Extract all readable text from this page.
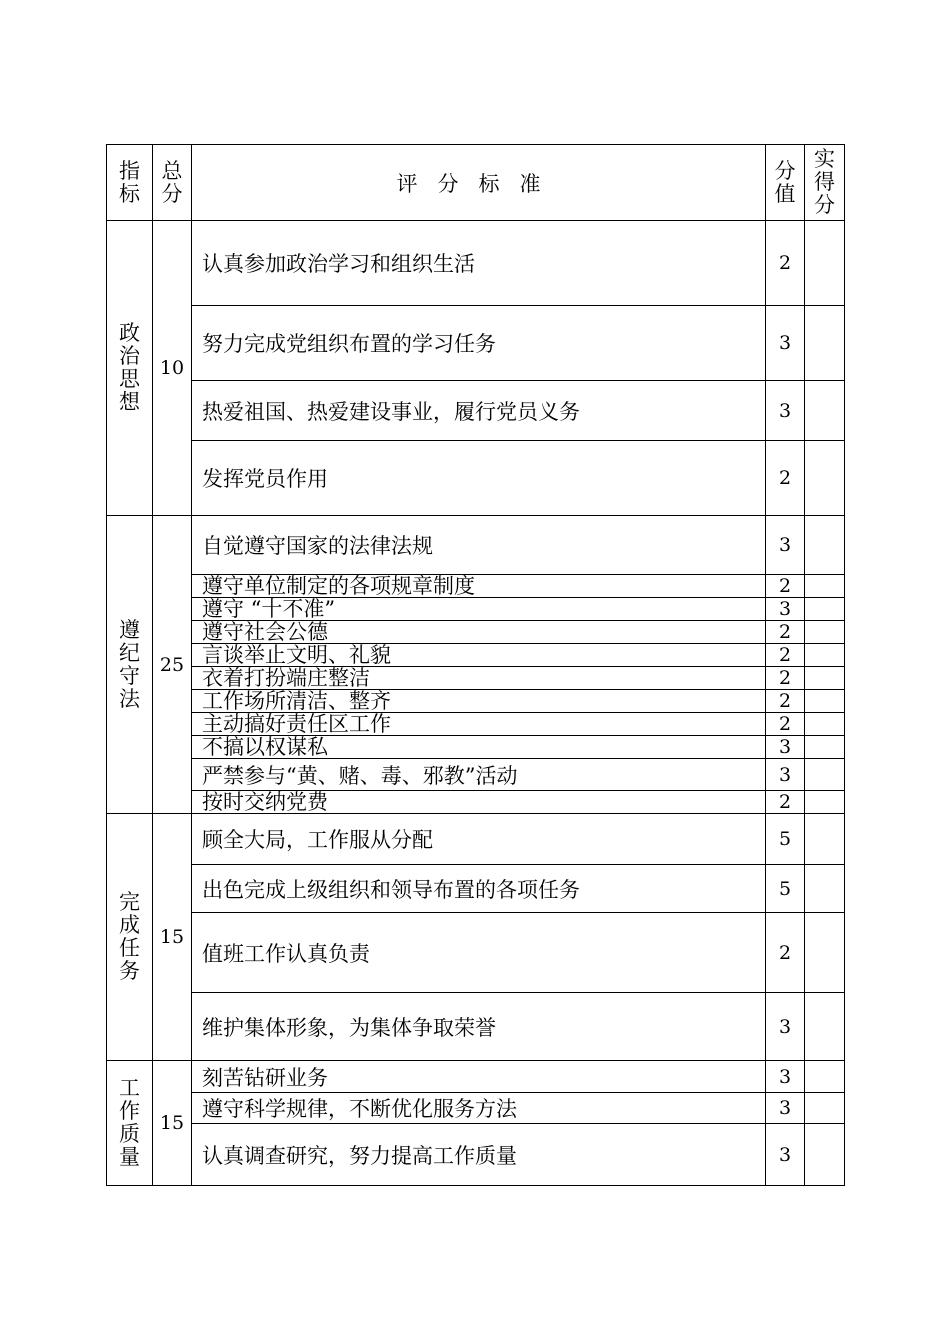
指标	总分	评分标准	分值	实得分
政治思想	10	认真参加政治学习和组织生活	2	
		努力完成党组织布置的学习任务	3	
		热爱祖国、热爱建设事业，履行党员义务	3	
		发挥党员作用	2	
遵纪守法	25	自觉遵守国家的法律法规	3	
		遵守单位制定的各项规章制度	2	
		遵守 “十不准”	3	
		遵守社会公德	2	
		言谈举止文明、礼貌	2	
		衣着打扮端庄整洁	2	
		工作场所清洁、整齐	2	
		主动搞好责任区工作	2	
		不搞以权谋私	3	
		严禁参与“黄、赌、毒、邪教”活动	3	
		按时交纳党费	2	
完成任务	15	顾全大局，工作服从分配	5	
		出色完成上级组织和领导布置的各项任务	5	
		值班工作认真负责	2	
		维护集体形象，为集体争取荣誉	3	
工作质量	15	刻苦钻研业务	3	
		遵守科学规律，不断优化服务方法	3	
		认真调查研究，努力提高工作质量	3	
